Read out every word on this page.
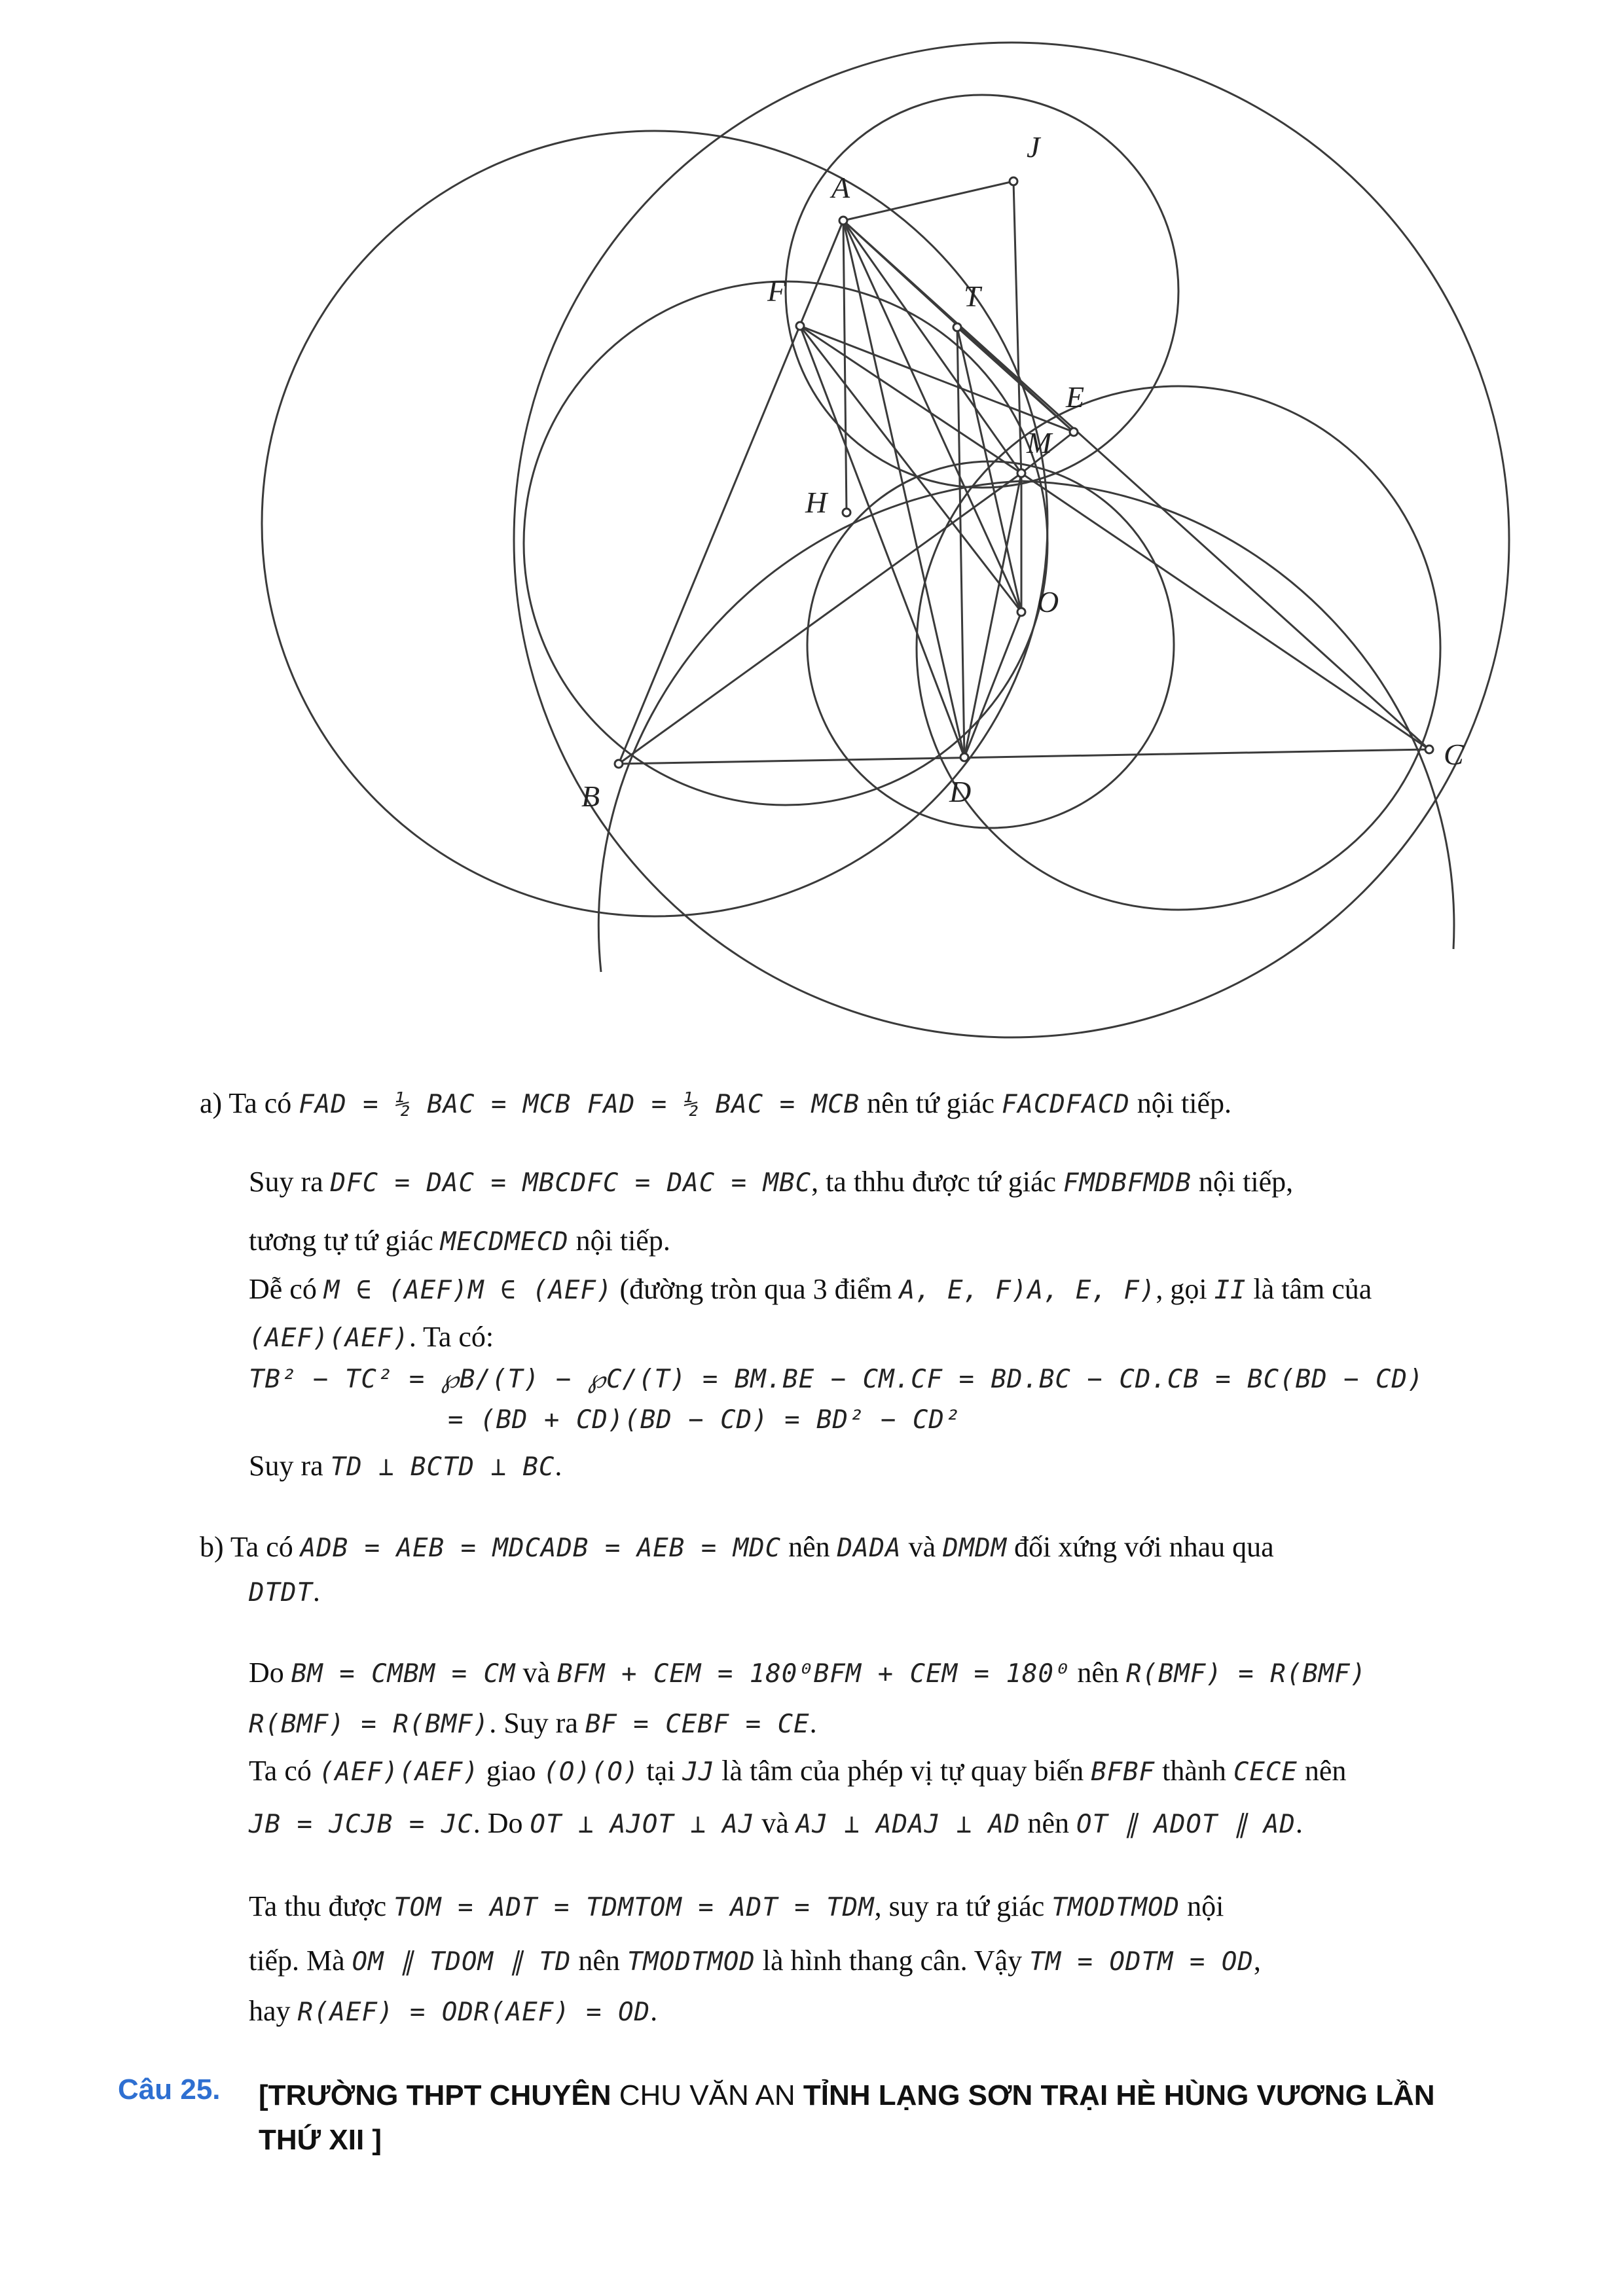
A
J
F	T
E
M
H
O
B	D
C
a) Ta có FAD = ½ BAC = MCB FAD = ½ BAC = MCB nên tứ giác FACDFACD nội tiếp.
Suy ra DFC = DAC = MBCDFC = DAC = MBC, ta thhu được tứ giác FMDBFMDB nội tiếp,
tương tự tứ giác MECDMECD nội tiếp.
Dễ có M ∈ (AEF)M ∈ (AEF) (đường tròn qua 3 điểm A, E, F)A, E, F), gọi II là tâm của
(AEF)(AEF). Ta có:
TB² − TC² = ℘B/(T) − ℘C/(T) = BM.BE − CM.CF = BD.BC − CD.CB = BC(BD − CD)
= (BD + CD)(BD − CD) = BD² − CD²
Suy ra TD ⊥ BCTD ⊥ BC.
b) Ta có ADB = AEB = MDCADB = AEB = MDC nên DADA và DMDM đối xứng với nhau qua
DTDT.
Do BM = CMBM = CM và BFM + CEM = 180⁰BFM + CEM = 180⁰ nên R(BMF) = R(BMF)
R(BMF) = R(BMF). Suy ra BF = CEBF = CE.
Ta có (AEF)(AEF) giao (O)(O) tại JJ là tâm của phép vị tự quay biến BFBF thành CECE nên
JB = JCJB = JC. Do OT ⊥ AJOT ⊥ AJ và AJ ⊥ ADAJ ⊥ AD nên OT ∥ ADOT ∥ AD.
Ta thu được TOM = ADT = TDMTOM = ADT = TDM, suy ra tứ giác TMODTMOD nội
tiếp. Mà OM ∥ TDOM ∥ TD nên TMODTMOD là hình thang cân. Vậy TM = ODTM = OD,
hay R(AEF) = ODR(AEF) = OD.
Câu 25. [TRƯỜNG THPT CHUYÊN CHU VĂN AN TỈNH LẠNG SƠN TRẠI HÈ HÙNG VƯƠNG LẦN THỨ XII ]
